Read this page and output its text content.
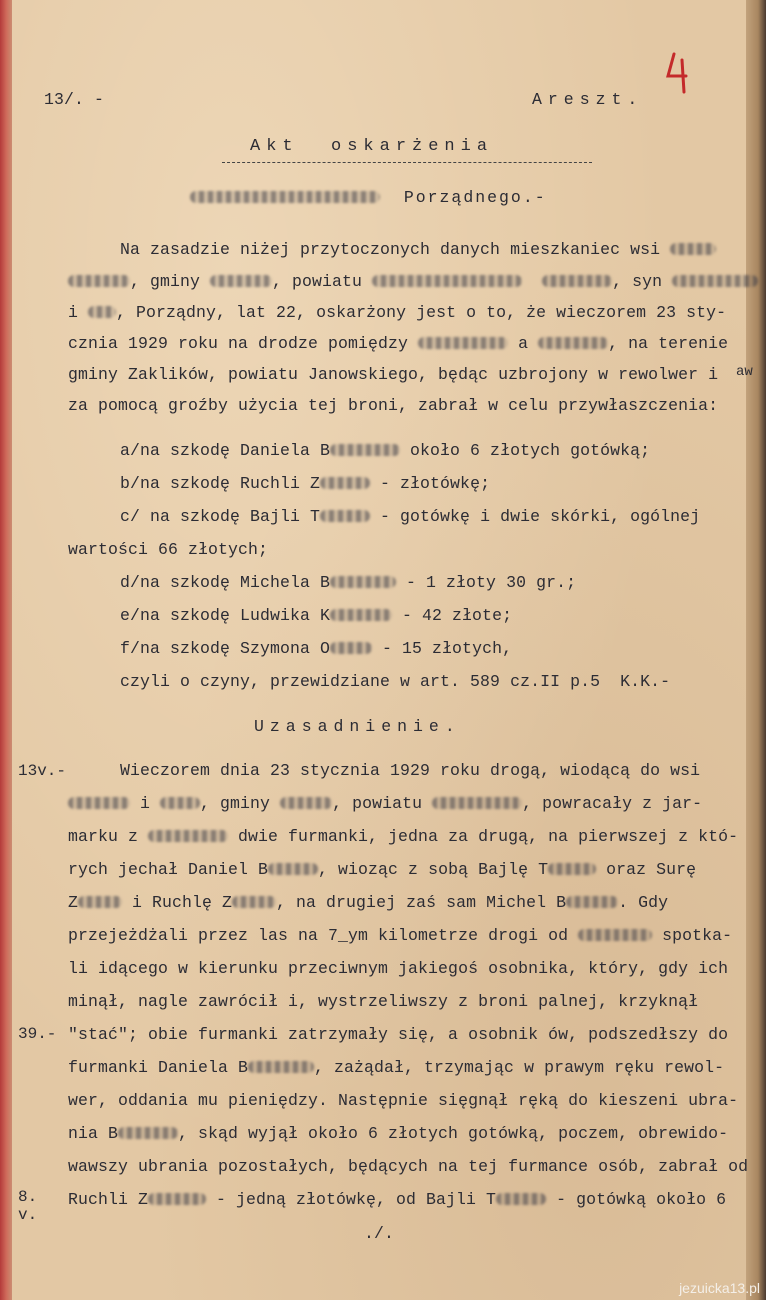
13/. -	Areszt.
Akt  oskarżenia
Porządnego.-
Na zasadzie niżej przytoczonych danych mieszkaniec wsi
, gminy	, powiatu	, syn
i , Porządny, lat 22, oskarżony jest o to, że wieczorem 23 sty-
cznia 1929 roku na drodze pomiędzy	a	, na terenie
gminy Zaklików, powiatu Janowskiego, będąc uzbrojony w rewolwer i
za pomocą groźby użycia tej broni, zabrał w celu przywłaszczenia:
aw
a/na szkodę Daniela B	około 6 złotych gotówką;
b/na szkodę Ruchli Z	- złotówkę;
c/ na szkodę Bajli T	- gotówkę i dwie skórki, ogólnej
wartości 66 złotych;
d/na szkodę Michela B	- 1 złoty 30 gr.;
e/na szkodę Ludwika K	- 42 złote;
f/na szkodę Szymona O	- 15 złotych,
czyli o czyny, przewidziane w art. 589 cz.II p.5  K.K.-
Uzasadnienie.
13v.-	Wieczorem dnia 23 stycznia 1929 roku drogą, wiodącą do wsi
i	, gminy	, powiatu	, powracały z jar-
marku z	dwie furmanki, jedna za drugą, na pierwszej z któ-
rych jechał Daniel B	, wioząc z sobą Bajlę T	oraz Surę
Z	i Ruchlę Z	, na drugiej zaś sam Michel B	. Gdy
przejeżdżali przez las na 7_ym kilometrze drogi od	spotka-
li idącego w kierunku przeciwnym jakiegoś osobnika, który, gdy ich
minął, nagle zawrócił i, wystrzeliwszy z broni palnej, krzyknął
39.- "stać"; obie furmanki zatrzymały się, a osobnik ów, podszedłszy do
furmanki Daniela B	, zażądał, trzymając w prawym ręku rewol-
wer, oddania mu pieniędzy. Następnie sięgnął ręką do kieszeni ubra-
nia B	, skąd wyjął około 6 złotych gotówką, poczem, obrewido-
wawszy ubrania pozostałych, będących na tej furmance osób, zabrał od
8.
v.
Ruchli Z	- jedną złotówkę, od Bajli T	- gotówką około 6
./.
jezuicka13.pl
